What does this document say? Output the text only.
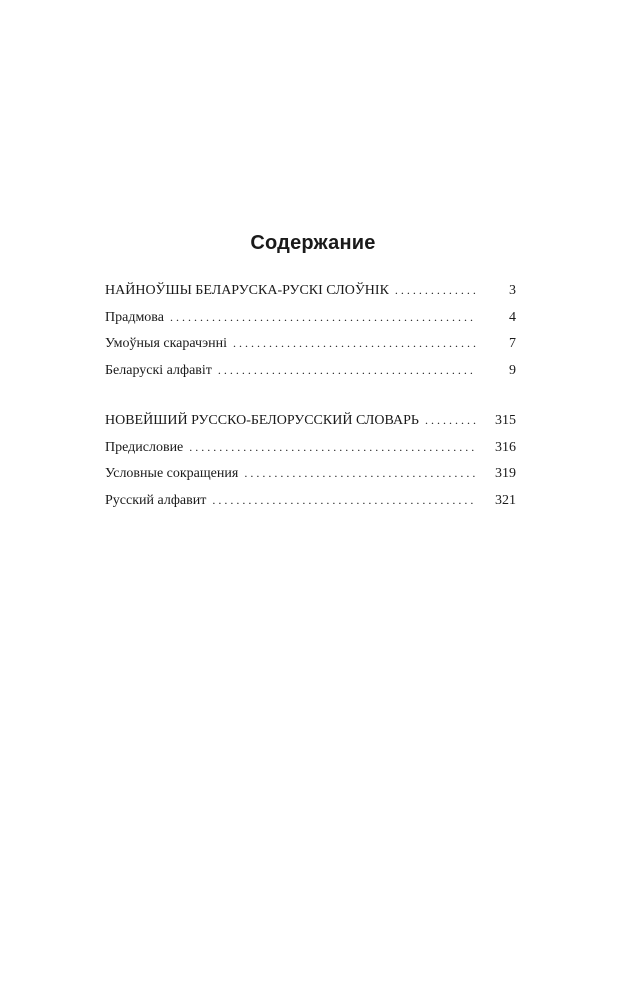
Содержание
НАЙНОЎШЫ БЕЛАРУСКА-РУСКІ СЛОЎНІК . . .	3
Прадмова . . .	4
Умоўныя скарачэнні . . .	7
Беларускі алфавіт . . .	9
НОВЕЙШИЙ РУССКО-БЕЛОРУССКИЙ СЛОВАРЬ . . .	315
Предисловие . . .	316
Условные сокращения . . .	319
Русский алфавит . . .	321
